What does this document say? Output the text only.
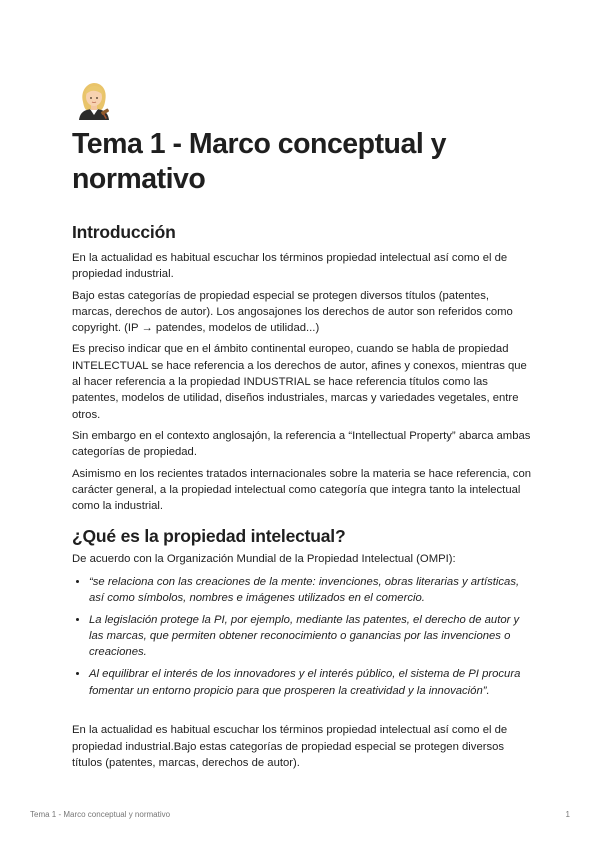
Tema 1 - Marco conceptual y normativo
Introducción

En la actualidad es habitual escuchar los términos propiedad intelectual así como el de propiedad industrial.

Bajo estas categorías de propiedad especial se protegen diversos títulos (patentes, marcas, derechos de autor). Los angosajones los derechos de autor son referidos como copyright. (IP → patendes, modelos de utilidad...)

Es preciso indicar que en el ámbito continental europeo, cuando se habla de propiedad INTELECTUAL se hace referencia a los derechos de autor, afines y conexos, mientras que al hacer referencia a la propiedad INDUSTRIAL se hace referencia títulos como las patentes, modelos de utilidad, diseños industriales, marcas y variedades vegetales, entre otros.

Sin embargo en el contexto anglosajón, la referencia a “Intellectual Property” abarca ambas categorías de propiedad.

Asimismo en los recientes tratados internacionales sobre la materia se hace referencia, con carácter general, a la propiedad intelectual como categoría que integra tanto la intelectual como la industrial.

¿Qué es la propiedad intelectual?

De acuerdo con la Organización Mundial de la Propiedad Intelectual (OMPI):

• “se relaciona con las creaciones de la mente: invenciones, obras literarias y artísticas, así como símbolos, nombres e imágenes utilizados en el comercio.
• La legislación protege la PI, por ejemplo, mediante las patentes, el derecho de autor y las marcas, que permiten obtener reconocimiento o ganancias por las invenciones o creaciones.
• Al equilibrar el interés de los innovadores y el interés público, el sistema de PI procura fomentar un entorno propicio para que prosperen la creatividad y la innovación”.

En la actualidad es habitual escuchar los términos propiedad intelectual así como el de propiedad industrial.Bajo estas categorías de propiedad especial se protegen diversos títulos (patentes, marcas, derechos de autor).

Tema 1 - Marco conceptual y normativo	1
